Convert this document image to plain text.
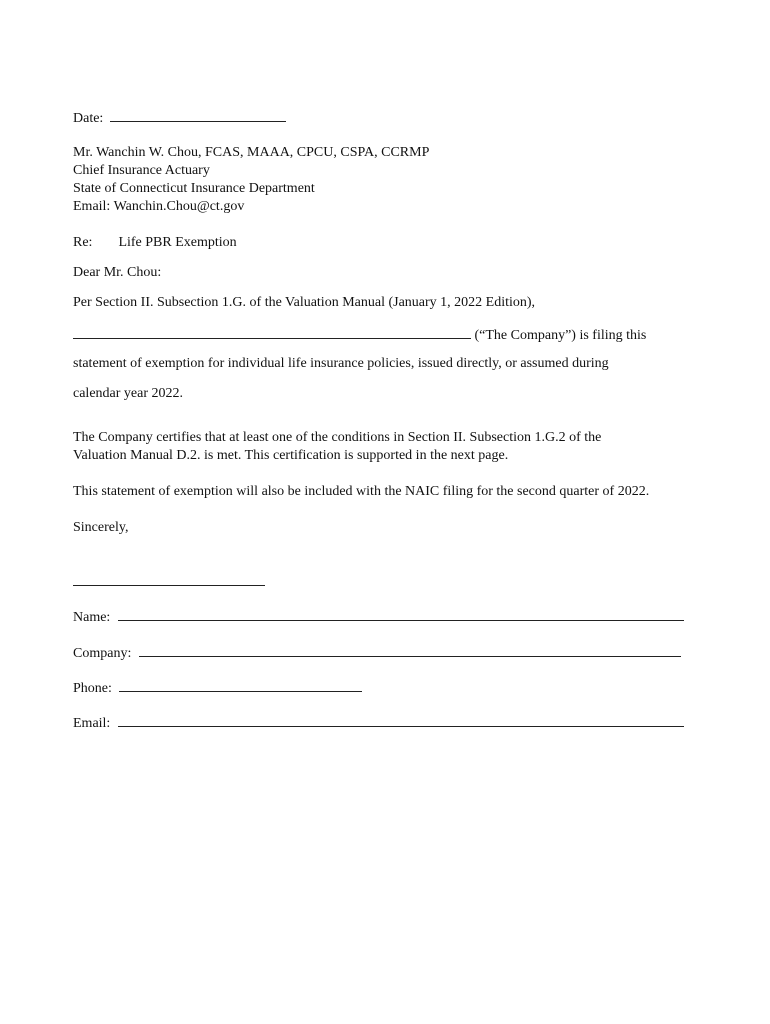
Date:
Mr. Wanchin W. Chou, FCAS, MAAA, CPCU, CSPA, CCRMP
Chief Insurance Actuary
State of Connecticut Insurance Department
Email: Wanchin.Chou@ct.gov
Re: Life PBR Exemption
Dear Mr. Chou:
Per Section II. Subsection 1.G. of the Valuation Manual (January 1, 2022 Edition),
(“The Company”) is filing this
statement of exemption for individual life insurance policies, issued directly, or assumed during
calendar year 2022.
The Company certifies that at least one of the conditions in Section II. Subsection 1.G.2 of the
Valuation Manual D.2. is met. This certification is supported in the next page.
This statement of exemption will also be included with the NAIC filing for the second quarter of 2022.
Sincerely,
Name:
Company:
Phone:
Email:
